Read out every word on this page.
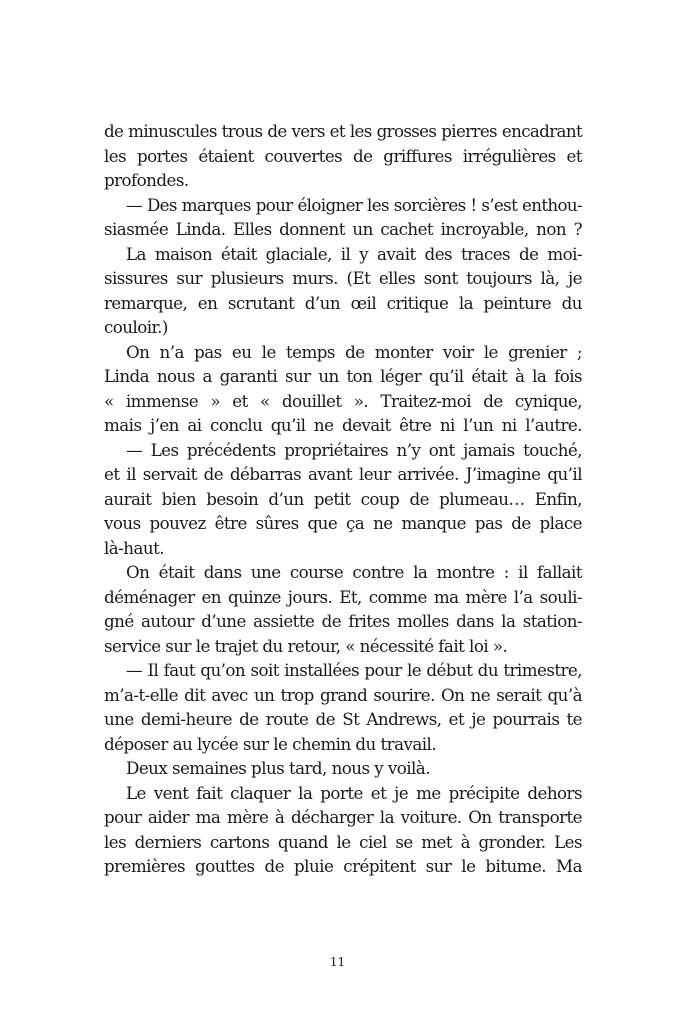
de minuscules trous de vers et les grosses pierres encadrant
les portes étaient couvertes de griffures irrégulières et
profondes.
— Des marques pour éloigner les sorcières ! s’est enthou-
siasmée Linda. Elles donnent un cachet incroyable, non ?
La maison était glaciale, il y avait des traces de moi-
sissures sur plusieurs murs. (Et elles sont toujours là, je
remarque, en scrutant d’un œil critique la peinture du
couloir.)
On n’a pas eu le temps de monter voir le grenier ;
Linda nous a garanti sur un ton léger qu’il était à la fois
« immense » et « douillet ». Traitez-moi de cynique,
mais j’en ai conclu qu’il ne devait être ni l’un ni l’autre.
— Les précédents propriétaires n’y ont jamais touché,
et il servait de débarras avant leur arrivée. J’imagine qu’il
aurait bien besoin d’un petit coup de plumeau… Enfin,
vous pouvez être sûres que ça ne manque pas de place
là-haut.
On était dans une course contre la montre : il fallait
déménager en quinze jours. Et, comme ma mère l’a souli-
gné autour d’une assiette de frites molles dans la station-
service sur le trajet du retour, « nécessité fait loi ».
— Il faut qu’on soit installées pour le début du trimestre,
m’a-t-elle dit avec un trop grand sourire. On ne serait qu’à
une demi-heure de route de St Andrews, et je pourrais te
déposer au lycée sur le chemin du travail.
Deux semaines plus tard, nous y voilà.
Le vent fait claquer la porte et je me précipite dehors
pour aider ma mère à décharger la voiture. On transporte
les derniers cartons quand le ciel se met à gronder. Les
premières gouttes de pluie crépitent sur le bitume. Ma
11
